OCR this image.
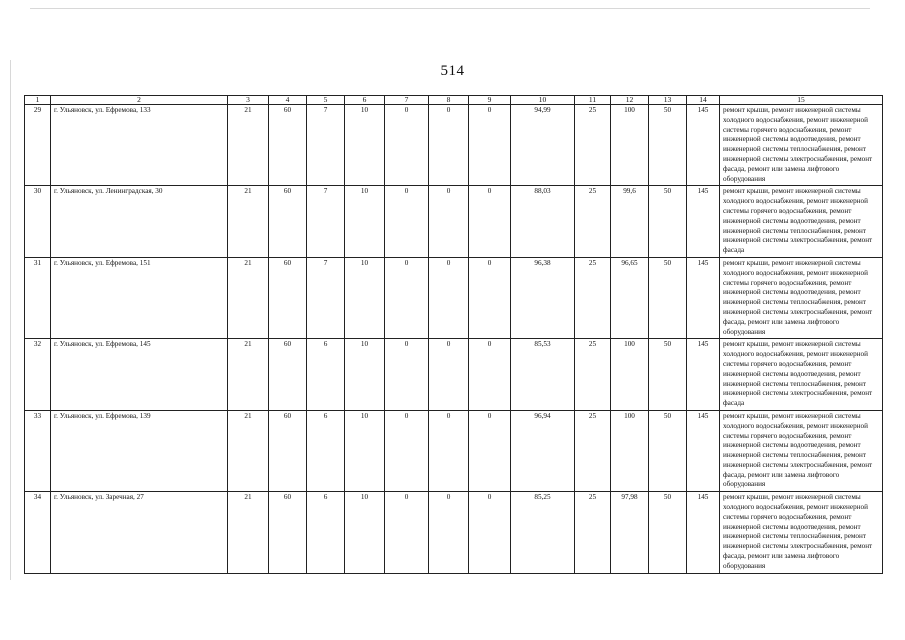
514
1	2	3	4	5	6	7	8	9	10	11	12	13	14	15
29	г. Ульяновск, ул. Ефремова, 133	21	60	7	10	0	0	0	94,99	25	100	50	145	ремонт крыши, ремонт инженерной системы холодного водоснабжения, ремонт инженерной системы горячего водоснабжения, ремонт инженерной системы водоотведения, ремонт инженерной системы теплоснабжения, ремонт инженерной системы электроснабжения, ремонт фасада, ремонт или замена лифтового оборудования
30	г. Ульяновск, ул. Ленинградская, 30	21	60	7	10	0	0	0	88,03	25	99,6	50	145	ремонт крыши, ремонт инженерной системы холодного водоснабжения, ремонт инженерной системы горячего водоснабжения, ремонт инженерной системы водоотведения, ремонт инженерной системы теплоснабжения, ремонт инженерной системы электроснабжения, ремонт фасада
31	г. Ульяновск, ул. Ефремова, 151	21	60	7	10	0	0	0	96,38	25	96,65	50	145	ремонт крыши, ремонт инженерной системы холодного водоснабжения, ремонт инженерной системы горячего водоснабжения, ремонт инженерной системы водоотведения, ремонт инженерной системы теплоснабжения, ремонт инженерной системы электроснабжения, ремонт фасада, ремонт или замена лифтового оборудования
32	г. Ульяновск, ул. Ефремова, 145	21	60	6	10	0	0	0	85,53	25	100	50	145	ремонт крыши, ремонт инженерной системы холодного водоснабжения, ремонт инженерной системы горячего водоснабжения, ремонт инженерной системы водоотведения, ремонт инженерной системы теплоснабжения, ремонт инженерной системы электроснабжения, ремонт фасада
33	г. Ульяновск, ул. Ефремова, 139	21	60	6	10	0	0	0	96,94	25	100	50	145	ремонт крыши, ремонт инженерной системы холодного водоснабжения, ремонт инженерной системы горячего водоснабжения, ремонт инженерной системы водоотведения, ремонт инженерной системы теплоснабжения, ремонт инженерной системы электроснабжения, ремонт фасада, ремонт или замена лифтового оборудования
34	г. Ульяновск, ул. Заречная, 27	21	60	6	10	0	0	0	85,25	25	97,98	50	145	ремонт крыши, ремонт инженерной системы холодного водоснабжения, ремонт инженерной системы горячего водоснабжения, ремонт инженерной системы водоотведения, ремонт инженерной системы теплоснабжения, ремонт инженерной системы электроснабжения, ремонт фасада, ремонт или замена лифтового оборудования
